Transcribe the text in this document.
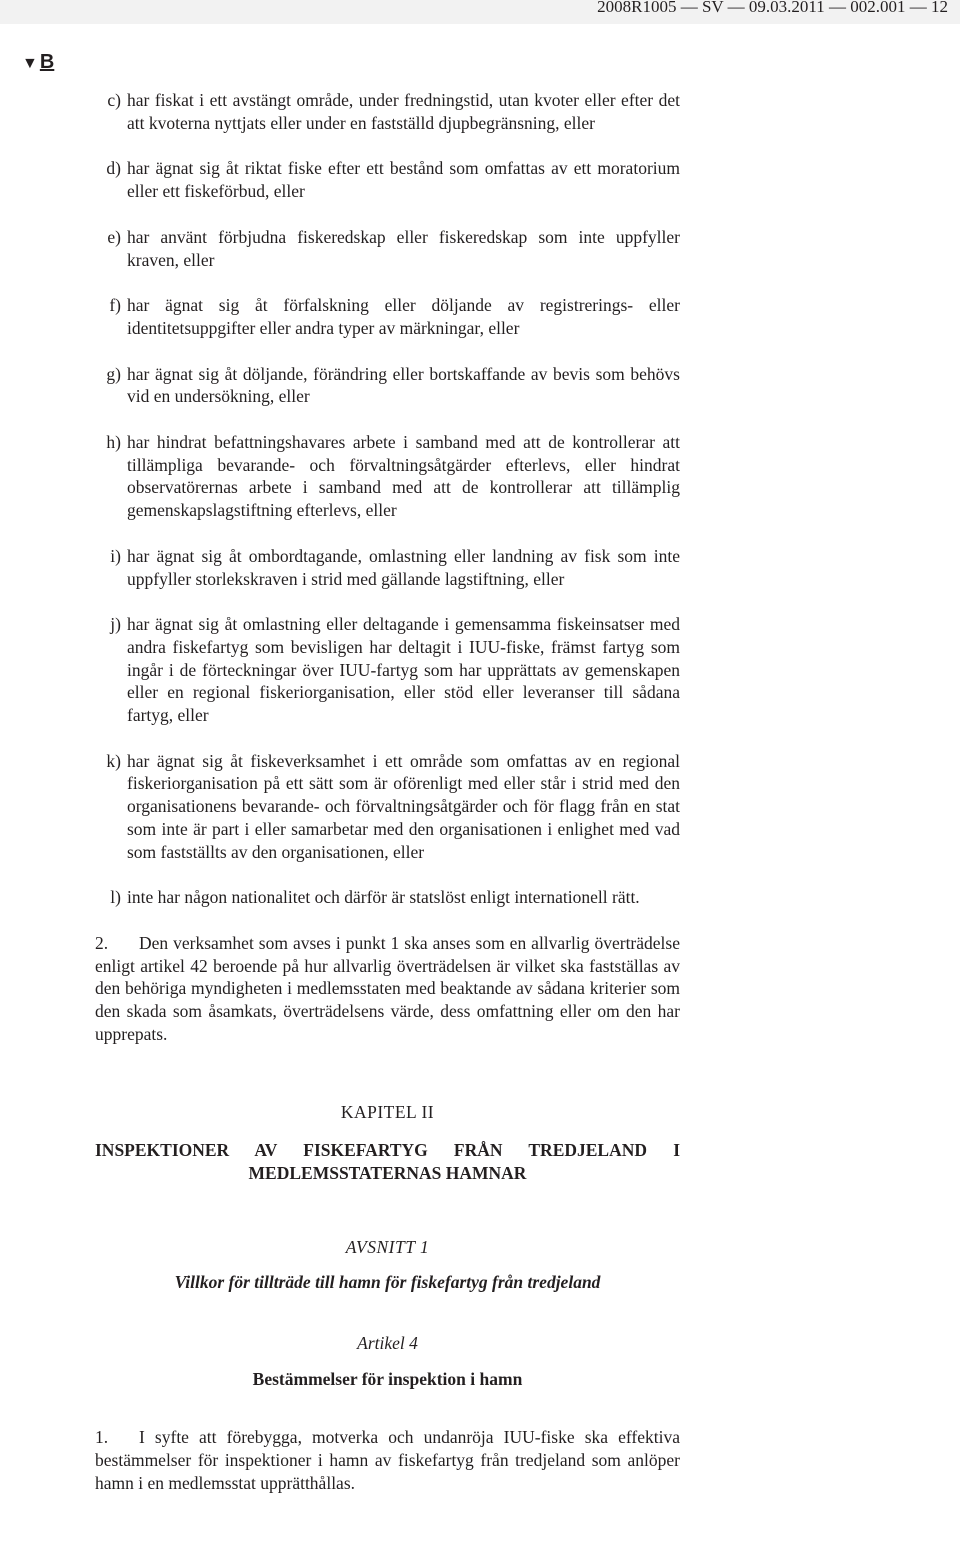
2008R1005 — SV — 09.03.2011 — 002.001 — 12
▼ B
c) har fiskat i ett avstängt område, under fredningstid, utan kvoter eller efter det att kvoterna nyttjats eller under en fastställd djupbegränsning, eller
d) har ägnat sig åt riktat fiske efter ett bestånd som omfattas av ett moratorium eller ett fiskeförbud, eller
e) har använt förbjudna fiskeredskap eller fiskeredskap som inte uppfyller kraven, eller
f) har ägnat sig åt förfalskning eller döljande av registrerings- eller identitetsuppgifter eller andra typer av märkningar, eller
g) har ägnat sig åt döljande, förändring eller bortskaffande av bevis som behövs vid en undersökning, eller
h) har hindrat befattningshavares arbete i samband med att de kontrollerar att tillämpliga bevarande- och förvaltningsåtgärder efterlevs, eller hindrat observatörernas arbete i samband med att de kontrollerar att tillämplig gemenskapslagstiftning efterlevs, eller
i) har ägnat sig åt ombordtagande, omlastning eller landning av fisk som inte uppfyller storlekskraven i strid med gällande lagstiftning, eller
j) har ägnat sig åt omlastning eller deltagande i gemensamma fiskeinsatser med andra fiskefartyg som bevisligen har deltagit i IUU-fiske, främst fartyg som ingår i de förteckningar över IUU-fartyg som har upprättats av gemenskapen eller en regional fiskeriorganisation, eller stöd eller leveranser till sådana fartyg, eller
k) har ägnat sig åt fiskeverksamhet i ett område som omfattas av en regional fiskeriorganisation på ett sätt som är oförenligt med eller står i strid med den organisationens bevarande- och förvaltningsåtgärder och för flagg från en stat som inte är part i eller samarbetar med den organisationen i enlighet med vad som fastställts av den organisationen, eller
l) inte har någon nationalitet och därför är statslöst enligt internationell rätt.

2. Den verksamhet som avses i punkt 1 ska anses som en allvarlig överträdelse enligt artikel 42 beroende på hur allvarlig överträdelsen är vilket ska fastställas av den behöriga myndigheten i medlemsstaten med beaktande av sådana kriterier som den skada som åsamkats, överträdelsens värde, dess omfattning eller om den har upprepats.

KAPITEL II
INSPEKTIONER AV FISKEFARTYG FRÅN TREDJELAND I MEDLEMSSTATERNAS HAMNAR
AVSNITT 1
Villkor för tillträde till hamn för fiskefartyg från tredjeland
Artikel 4
Bestämmelser för inspektion i hamn

1. I syfte att förebygga, motverka och undanröja IUU-fiske ska effektiva bestämmelser för inspektioner i hamn av fiskefartyg från tredjeland som anlöper hamn i en medlemsstat upprätthållas.
